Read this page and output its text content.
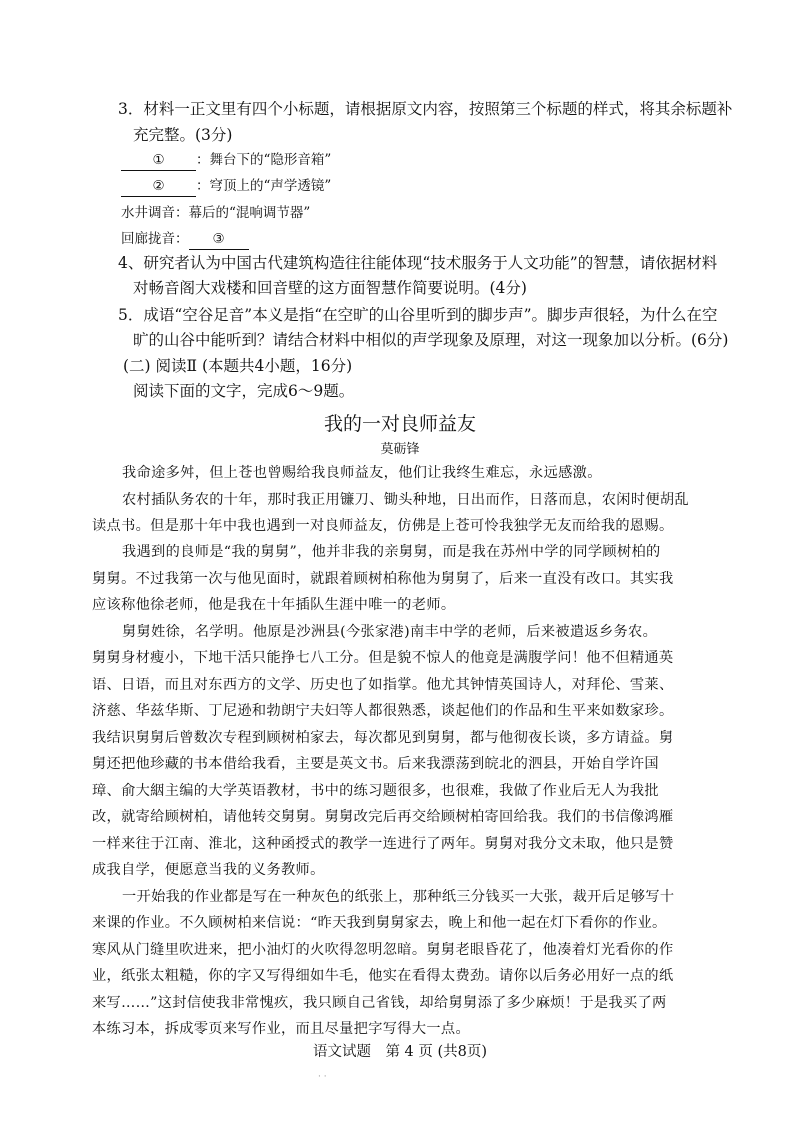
3．材料一正文里有四个小标题，请根据原文内容，按照第三个标题的样式，将其余标题补
充完整。(3分)
① ：舞台下的“隐形音箱”
② ：穹顶上的“声学透镜”
水井调音：幕后的“混响调节器”
回廊拢音： ③
4、研究者认为中国古代建筑构造往往能体现“技术服务于人文功能”的智慧，请依据材料
对畅音阁大戏楼和回音壁的这方面智慧作简要说明。(4分)
5．成语“空谷足音”本义是指“在空旷的山谷里听到的脚步声”。脚步声很轻，为什么在空
旷的山谷中能听到？请结合材料中相似的声学现象及原理，对这一现象加以分析。(6分)
(二) 阅读Ⅱ (本题共4小题，16分)
阅读下面的文字，完成6～9题。
我的一对良师益友
莫砺锋
我命途多舛，但上苍也曾赐给我良师益友，他们让我终生难忘，永远感激。
农村插队务农的十年，那时我正用镰刀、锄头种地，日出而作，日落而息，农闲时便胡乱
读点书。但是那十年中我也遇到一对良师益友，仿佛是上苍可怜我独学无友而给我的恩赐。
我遇到的良师是“我的舅舅”，他并非我的亲舅舅，而是我在苏州中学的同学顾树柏的
舅舅。不过我第一次与他见面时，就跟着顾树柏称他为舅舅了，后来一直没有改口。其实我
应该称他徐老师，他是我在十年插队生涯中唯一的老师。
舅舅姓徐，名学明。他原是沙洲县(今张家港)南丰中学的老师，后来被遣返乡务农。
舅舅身材瘦小，下地干活只能挣七八工分。但是貌不惊人的他竟是满腹学问！他不但精通英
语、日语，而且对东西方的文学、历史也了如指掌。他尤其钟情英国诗人，对拜伦、雪莱、
济慈、华兹华斯、丁尼逊和勃朗宁夫妇等人都很熟悉，谈起他们的作品和生平来如数家珍。
我结识舅舅后曾数次专程到顾树柏家去，每次都见到舅舅，都与他彻夜长谈，多方请益。舅
舅还把他珍藏的书本借给我看，主要是英文书。后来我漂荡到皖北的泗县，开始自学许国
璋、俞大絪主编的大学英语教材，书中的练习题很多，也很难，我做了作业后无人为我批
改，就寄给顾树柏，请他转交舅舅。舅舅改完后再交给顾树柏寄回给我。我们的书信像鸿雁
一样来往于江南、淮北，这种函授式的教学一连进行了两年。舅舅对我分文未取，他只是赞
成我自学，便愿意当我的义务教师。
一开始我的作业都是写在一种灰色的纸张上，那种纸三分钱买一大张，裁开后足够写十
来课的作业。不久顾树柏来信说：“昨天我到舅舅家去，晚上和他一起在灯下看你的作业。
寒风从门缝里吹进来，把小油灯的火吹得忽明忽暗。舅舅老眼昏花了，他凑着灯光看你的作
业，纸张太粗糙，你的字又写得细如牛毛，他实在看得太费劲。请你以后务必用好一点的纸
来写……”这封信使我非常愧疚，我只顾自己省钱，却给舅舅添了多少麻烦！于是我买了两
本练习本，拆成零页来写作业，而且尽量把字写得大一点。
语文试题　第 4 页 (共8页)
· ·
